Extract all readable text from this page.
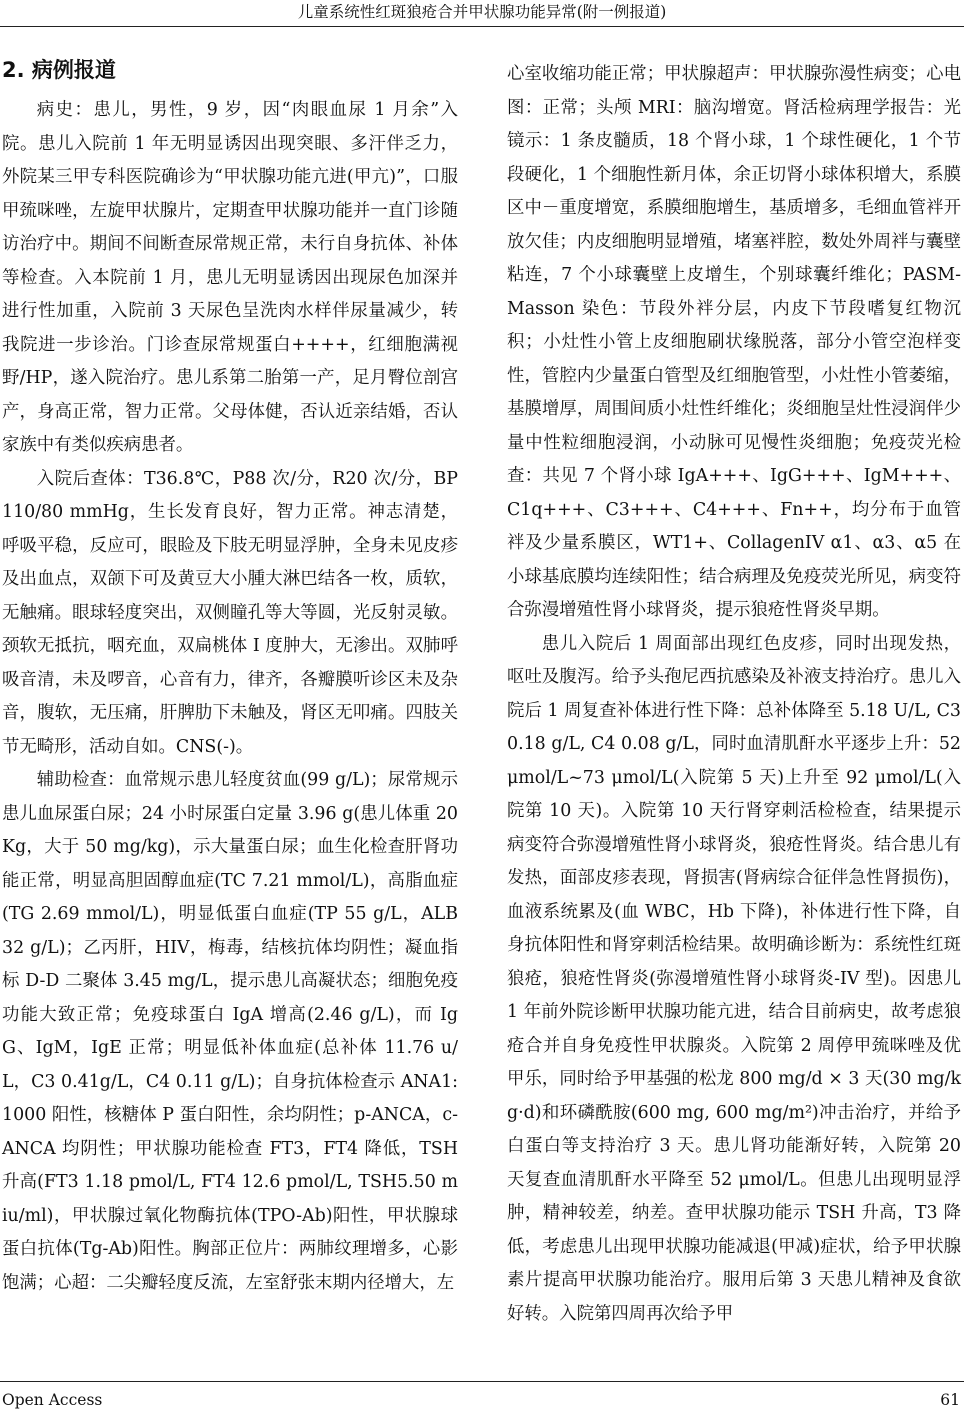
儿童系统性红斑狼疮合并甲状腺功能异常(附一例报道)
2. 病例报道

病史：患儿，男性，9 岁，因“肉眼血尿 1 月余”入院。患儿入院前 1 年无明显诱因出现突眼、多汗伴乏力，外院某三甲专科医院确诊为“甲状腺功能亢进(甲亢)”，口服甲巯咪唑，左旋甲状腺片，定期查甲状腺功能并一直门诊随访治疗中。期间不间断查尿常规正常，未行自身抗体、补体等检查。入本院前 1 月，患儿无明显诱因出现尿色加深并进行性加重，入院前 3 天尿色呈洗肉水样伴尿量减少，转我院进一步诊治。门诊查尿常规蛋白++++，红细胞满视野/HP，遂入院治疗。患儿系第二胎第一产，足月臀位剖宫产，身高正常，智力正常。父母体健，否认近亲结婚，否认家族中有类似疾病患者。

入院后查体：T36.8℃，P88 次/分，R20 次/分，BP110/80 mmHg，生长发育良好，智力正常。神志清楚，呼吸平稳，反应可，眼睑及下肢无明显浮肿，全身未见皮疹及出血点，双颌下可及黄豆大小腫大淋巴结各一枚，质软，无触痛。眼球轻度突出，双侧瞳孔等大等圆，光反射灵敏。颈软无抵抗，咽充血，双扁桃体 I 度肿大，无渗出。双肺呼吸音清，未及啰音，心音有力，律齐，各瓣膜听诊区未及杂音，腹软，无压痛，肝脾肋下未触及，肾区无叩痛。四肢关节无畸形，活动自如。CNS(-)。

辅助检查：血常规示患儿轻度贫血(99 g/L)；尿常规示患儿血尿蛋白尿；24 小时尿蛋白定量 3.96 g(患儿体重 20 Kg，大于 50 mg/kg)，示大量蛋白尿；血生化检查肝肾功能正常，明显高胆固醇血症(TC 7.21 mmol/L)，高脂血症(TG 2.69 mmol/L)，明显低蛋白血症(TP 55 g/L，ALB 32 g/L)；乙丙肝，HIV，梅毒，结核抗体均阴性；凝血指标 D-D 二聚体 3.45 mg/L，提示患儿高凝状态；细胞免疫功能大致正常；免疫球蛋白 IgA 增高(2.46 g/L)，而 IgG、IgM，IgE 正常；明显低补体血症(总补体 11.76 u/L，C3 0.41g/L，C4 0.11 g/L)；自身抗体检查示 ANA1:1000 阳性，核糖体 P 蛋白阳性，余均阴性；p-ANCA，c-ANCA 均阴性；甲状腺功能检查 FT3，FT4 降低，TSH 升高(FT3 1.18 pmol/L, FT4 12.6 pmol/L, TSH5.50 miu/ml)，甲状腺过氧化物酶抗体(TPO-Ab)阳性，甲状腺球蛋白抗体(Tg-Ab)阳性。胸部正位片：两肺纹理增多，心影饱满；心超：二尖瓣轻度反流，左室舒张末期内径增大，左

心室收缩功能正常；甲状腺超声：甲状腺弥漫性病变；心电图：正常；头颅 MRI：脑沟增宽。肾活检病理学报告：光镜示：1 条皮髓质，18 个肾小球，1 个球性硬化，1 个节段硬化，1 个细胞性新月体，余正切肾小球体积增大，系膜区中－重度增宽，系膜细胞增生，基质增多，毛细血管袢开放欠佳；内皮细胞明显增殖，堵塞袢腔，数处外周袢与囊壁粘连，7 个小球囊壁上皮增生，个别球囊纤维化；PASM-Masson 染色：节段外袢分层，内皮下节段嗜复红物沉积；小灶性小管上皮细胞刷状缘脱落，部分小管空泡样变性，管腔内少量蛋白管型及红细胞管型，小灶性小管萎缩，基膜增厚，周围间质小灶性纤维化；炎细胞呈灶性浸润伴少量中性粒细胞浸润，小动脉可见慢性炎细胞；免疫荧光检查：共见 7 个肾小球 IgA+++、IgG+++、IgM+++、C1q+++、C3+++、C4+++、Fn++，均分布于血管袢及少量系膜区，WT1+、CollagenIV α1、α3、α5 在小球基底膜均连续阳性；结合病理及免疫荧光所见，病变符合弥漫增殖性肾小球肾炎，提示狼疮性肾炎早期。

患儿入院后 1 周面部出现红色皮疹，同时出现发热，呕吐及腹泻。给予头孢尼西抗感染及补液支持治疗。患儿入院后 1 周复查补体进行性下降：总补体降至 5.18 U/L, C3 0.18 g/L, C4 0.08 g/L，同时血清肌酐水平逐步上升：52 μmol/L~73 μmol/L(入院第 5 天)上升至 92 μmol/L(入院第 10 天)。入院第 10 天行肾穿刺活检检查，结果提示病变符合弥漫增殖性肾小球肾炎，狼疮性肾炎。结合患儿有发热，面部皮疹表现，肾损害(肾病综合征伴急性肾损伤)，血液系统累及(血 WBC，Hb 下降)，补体进行性下降，自身抗体阳性和肾穿刺活检结果。故明确诊断为：系统性红斑狼疮，狼疮性肾炎(弥漫增殖性肾小球肾炎-IV 型)。因患儿 1 年前外院诊断甲状腺功能亢进，结合目前病史，故考虑狼疮合并自身免疫性甲状腺炎。入院第 2 周停甲巯咪唑及优甲乐，同时给予甲基强的松龙 800 mg/d × 3 天(30 mg/kg·d)和环磷酰胺(600 mg, 600 mg/m²)冲击治疗，并给予白蛋白等支持治疗 3 天。患儿肾功能渐好转，入院第 20 天复查血清肌酐水平降至 52 μmol/L。但患儿出现明显浮肿，精神较差，纳差。查甲状腺功能示 TSH 升高，T3 降低，考虑患儿出现甲状腺功能减退(甲减)症状，给予甲状腺素片提高甲状腺功能治疗。服用后第 3 天患儿精神及食欲好转。入院第四周再次给予甲

Open Access	61
